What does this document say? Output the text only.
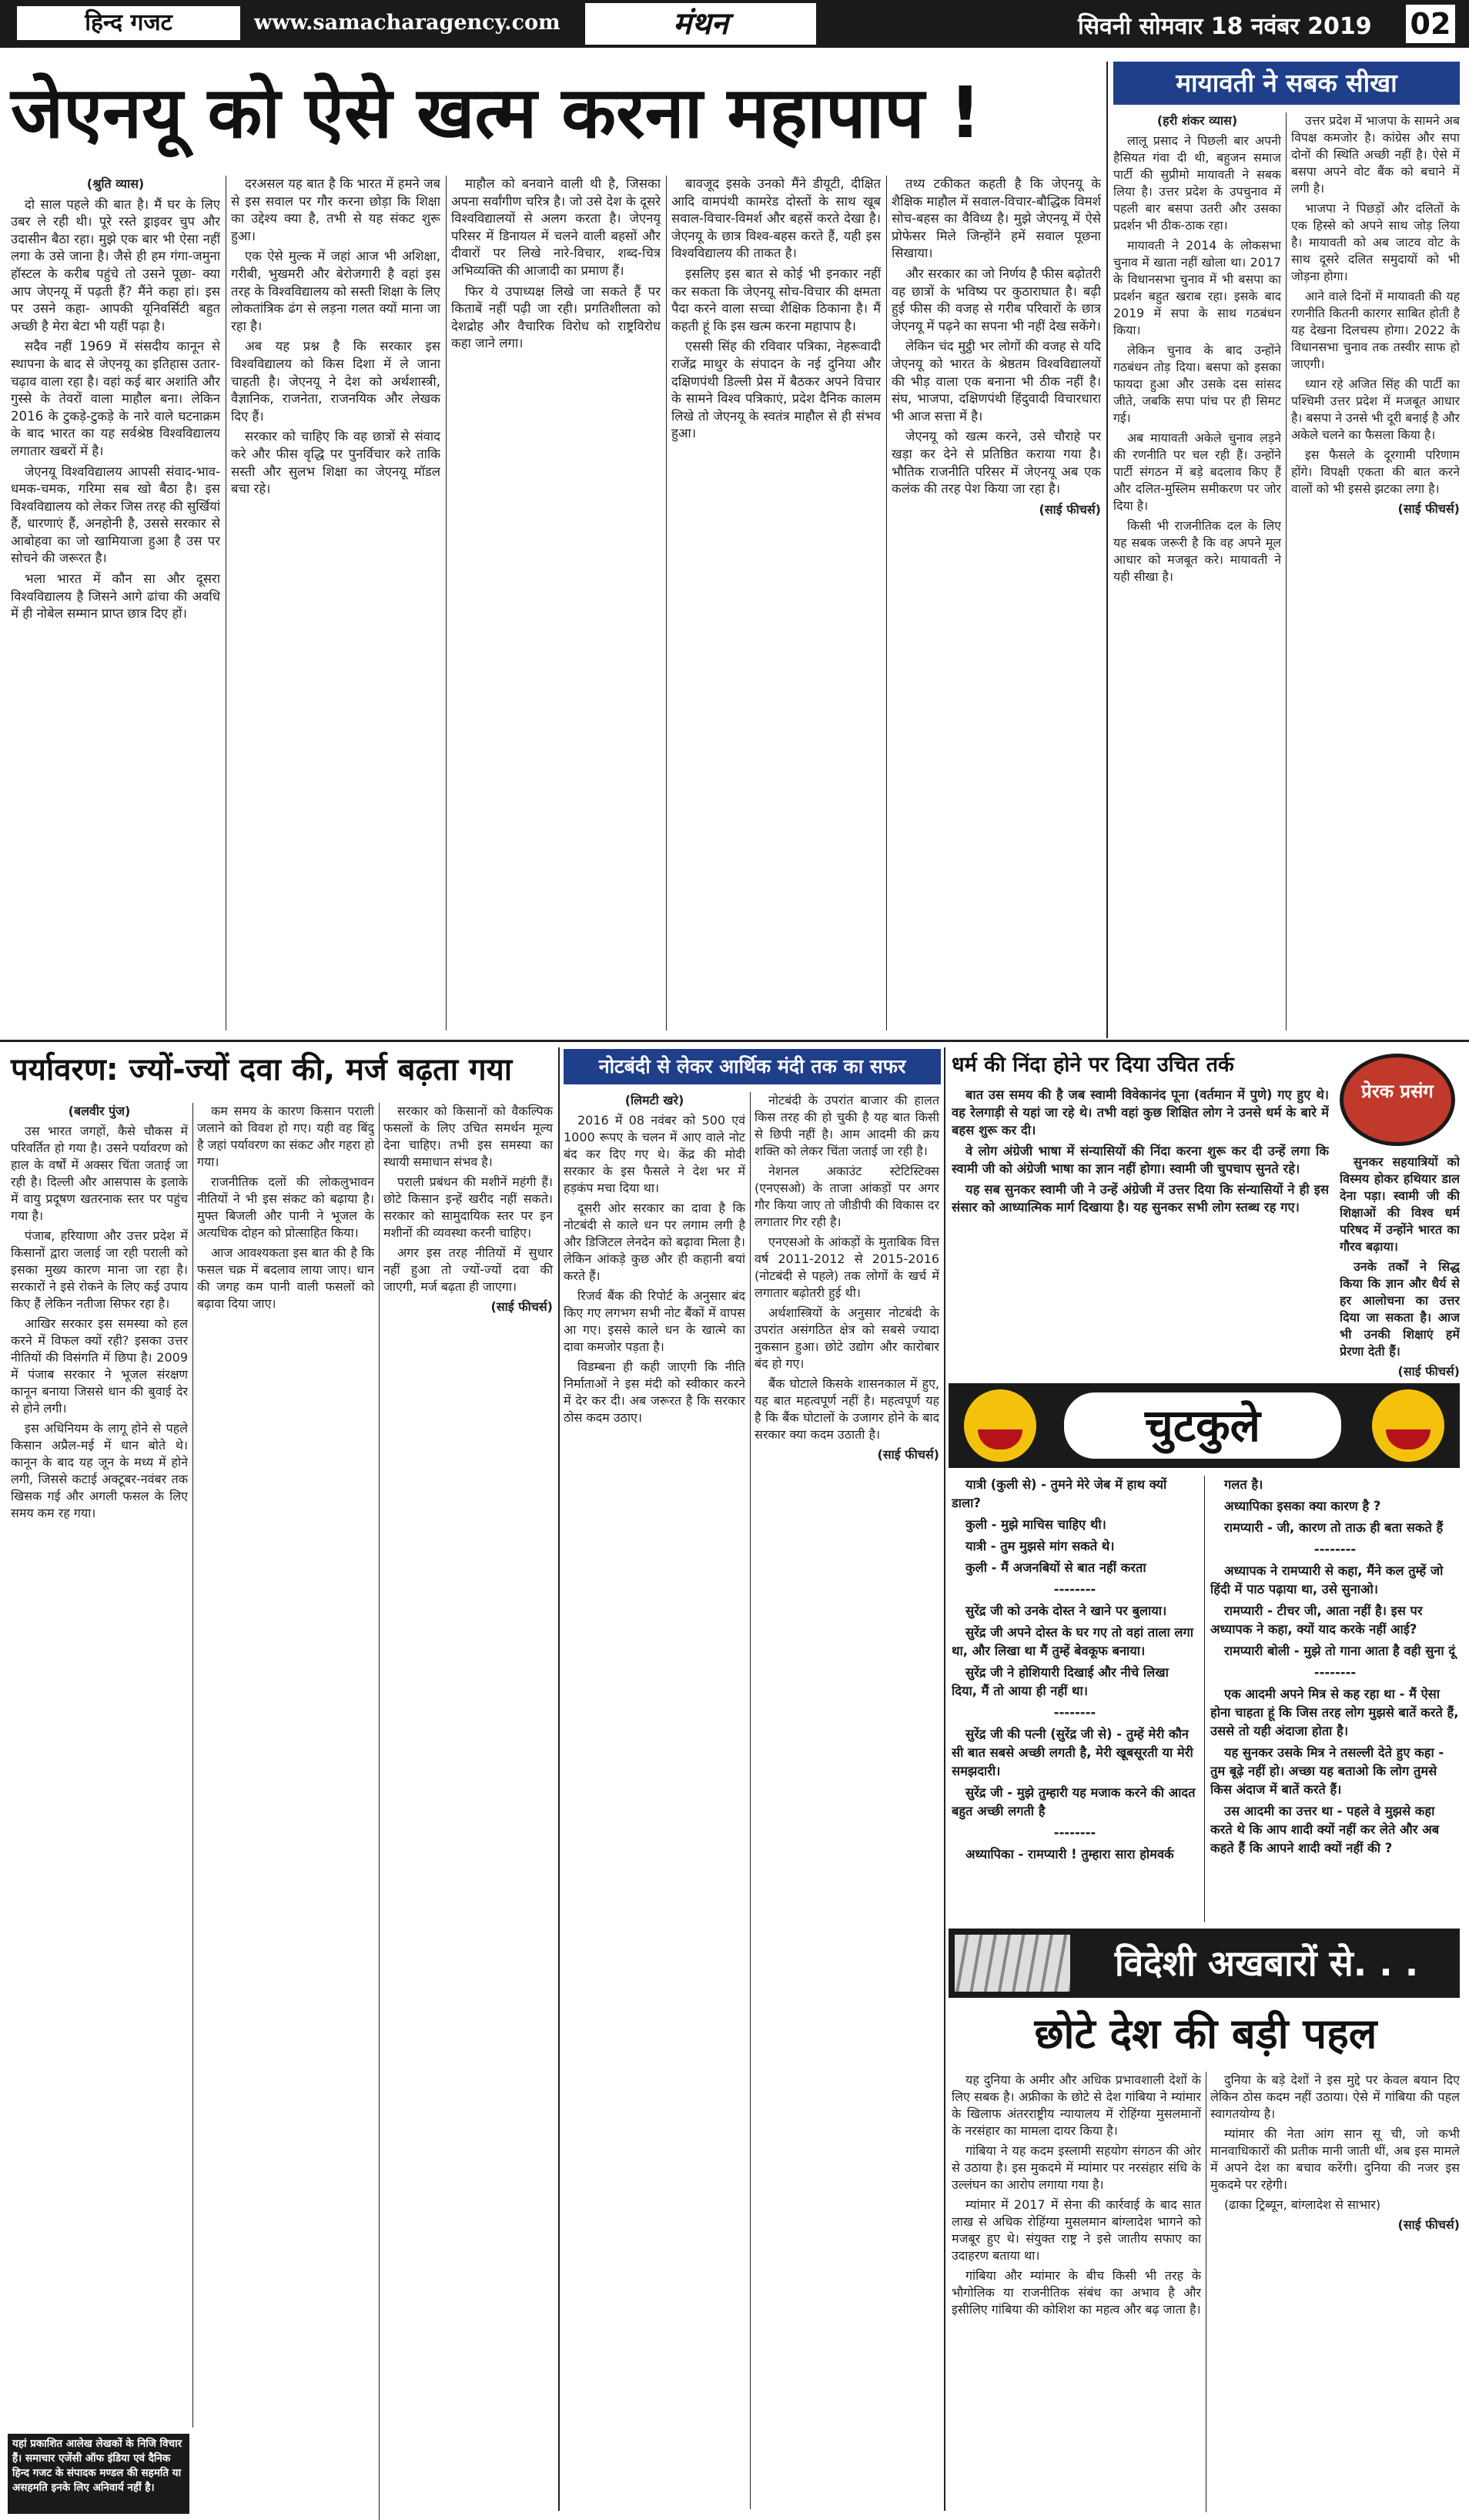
हिन्द गजट	www.samacharagency.com	मंथन	सिवनी सोमवार 18 नवंबर 2019 02
जेएनयू को ऐसे खत्म करना महापाप !

(श्रुति व्यास)

दो साल पहले की बात है। मैं घर के लिए उबर ले रही थी। पूरे रस्ते ड्राइवर चुप और उदासीन बैठा रहा। मुझे एक बार भी ऐसा नहीं लगा के उसे जाना है। जैसे ही हम गंगा-जमुना हॉस्टल के करीब पहुंचे तो उसने पूछा- क्या आप जेएनयू में पढ़ती हैं? मैंने कहा हां। इस पर उसने कहा- आपकी यूनिवर्सिटी बहुत अच्छी है मेरा बेटा भी यहीं पढ़ा है।

सदैव नहीं 1969 में संसदीय कानून से स्थापना के बाद से जेएनयू का इतिहास उतार-चढ़ाव वाला रहा है। वहां कई बार अशांति और गुस्से के तेवरों वाला माहौल बना। लेकिन 2016 के टुकड़े-टुकड़े के नारे वाले घटनाक्रम के बाद भारत का यह सर्वश्रेष्ठ विश्वविद्यालय लगातार खबरों में है।

जेएनयू विश्वविद्यालय आपसी संवाद-भाव-धमक-चमक, गरिमा सब खो बैठा है। इस विश्वविद्यालय को लेकर जिस तरह की सुर्खियां हैं, धारणाएं हैं, अनहोनी है, उससे सरकार से आबोहवा का जो खामियाजा हुआ है उस पर सोचने की जरूरत है।

भला भारत में कौन सा और दूसरा विश्वविद्यालय है जिसने आगे ढांचा की अवधि में ही नोबेल सम्मान प्राप्त छात्र दिए हों।

दरअसल यह बात है कि भारत में हमने जब से इस सवाल पर गौर करना छोड़ा कि शिक्षा का उद्देश्य क्या है, तभी से यह संकट शुरू हुआ।

एक ऐसे मुल्क में जहां आज भी अशिक्षा, गरीबी, भुखमरी और बेरोजगारी है वहां इस तरह के विश्वविद्यालय को सस्ती शिक्षा के लिए लोकतांत्रिक ढंग से लड़ना गलत क्यों माना जा रहा है।

अब यह प्रश्न है कि सरकार इस विश्वविद्यालय को किस दिशा में ले जाना चाहती है। जेएनयू ने देश को अर्थशास्त्री, वैज्ञानिक, राजनेता, राजनयिक और लेखक दिए हैं।

सरकार को चाहिए कि वह छात्रों से संवाद करे और फीस वृद्धि पर पुनर्विचार करे ताकि सस्ती और सुलभ शिक्षा का जेएनयू मॉडल बचा रहे।

माहौल को बनवाने वाली थी है, जिसका अपना सर्वांगीण चरित्र है। जो उसे देश के दूसरे विश्वविद्यालयों से अलग करता है। जेएनयू परिसर में डिनायल में चलने वाली बहसों और दीवारों पर लिखे नारे-विचार, शब्द-चित्र अभिव्यक्ति की आजादी का प्रमाण हैं।

फिर ये उपाध्यक्ष लिखे जा सकते हैं पर किताबें नहीं पढ़ी जा रही। प्रगतिशीलता को देशद्रोह और वैचारिक विरोध को राष्ट्रविरोध कहा जाने लगा।

बावजूद इसके उनको मैंने डीयूटी, दीक्षित आदि वामपंथी कामरेड दोस्तों के साथ खूब सवाल-विचार-विमर्श और बहसें करते देखा है। जेएनयू के छात्र विश्व-बहस करते हैं, यही इस विश्वविद्यालय की ताकत है।

इसलिए इस बात से कोई भी इनकार नहीं कर सकता कि जेएनयू सोच-विचार की क्षमता पैदा करने वाला सच्चा शैक्षिक ठिकाना है। मैं कहती हूं कि इस खत्म करना महापाप है।

एससी सिंह की रविवार पत्रिका, नेहरूवादी राजेंद्र माथुर के संपादन के नई दुनिया और दक्षिणपंथी डिल्ली प्रेस में बैठकर अपने विचार के सामने विश्व पत्रिकाएं, प्रदेश दैनिक कालम लिखे तो जेएनयू के स्वतंत्र माहौल से ही संभव हुआ।

तथ्य टकीकत कहती है कि जेएनयू के शैक्षिक माहौल में सवाल-विचार-बौद्धिक विमर्श सोच-बहस का वैविध्य है। मुझे जेएनयू में ऐसे प्रोफेसर मिले जिन्होंने हमें सवाल पूछना सिखाया।

और सरकार का जो निर्णय है फीस बढ़ोतरी वह छात्रों के भविष्य पर कुठाराघात है। बढ़ी हुई फीस की वजह से गरीब परिवारों के छात्र जेएनयू में पढ़ने का सपना भी नहीं देख सकेंगे।

लेकिन चंद मुट्ठी भर लोगों की वजह से यदि जेएनयू को भारत के श्रेष्ठतम विश्वविद्यालयों की भीड़ वाला एक बनाना भी ठीक नहीं है। संघ, भाजपा, दक्षिणपंथी हिंदुवादी विचारधारा भी आज सत्ता में है।

जेएनयू को खत्म करने, उसे चौराहे पर खड़ा कर देने से प्रतिष्ठित कराया गया है। भौतिक राजनीति परिसर में जेएनयू अब एक कलंक की तरह पेश किया जा रहा है।

(साई फीचर्स)

मायावती ने सबक सीखा

(हरी शंकर व्यास)

लालू प्रसाद ने पिछली बार अपनी हैसियत गंवा दी थी, बहुजन समाज पार्टी की सुप्रीमो मायावती ने सबक लिया है। उत्तर प्रदेश के उपचुनाव में पहली बार बसपा उतरी और उसका प्रदर्शन भी ठीक-ठाक रहा।

मायावती ने 2014 के लोकसभा चुनाव में खाता नहीं खोला था। 2017 के विधानसभा चुनाव में भी बसपा का प्रदर्शन बहुत खराब रहा। इसके बाद 2019 में सपा के साथ गठबंधन किया।

लेकिन चुनाव के बाद उन्होंने गठबंधन तोड़ दिया। बसपा को इसका फायदा हुआ और उसके दस सांसद जीते, जबकि सपा पांच पर ही सिमट गई।

अब मायावती अकेले चुनाव लड़ने की रणनीति पर चल रही हैं। उन्होंने पार्टी संगठन में बड़े बदलाव किए हैं और दलित-मुस्लिम समीकरण पर जोर दिया है।

किसी भी राजनीतिक दल के लिए यह सबक जरूरी है कि वह अपने मूल आधार को मजबूत करे। मायावती ने यही सीखा है।

उत्तर प्रदेश में भाजपा के सामने अब विपक्ष कमजोर है। कांग्रेस और सपा दोनों की स्थिति अच्छी नहीं है। ऐसे में बसपा अपने वोट बैंक को बचाने में लगी है।

भाजपा ने पिछड़ों और दलितों के एक हिस्से को अपने साथ जोड़ लिया है। मायावती को अब जाटव वोट के साथ दूसरे दलित समुदायों को भी जोड़ना होगा।

आने वाले दिनों में मायावती की यह रणनीति कितनी कारगर साबित होती है यह देखना दिलचस्प होगा। 2022 के विधानसभा चुनाव तक तस्वीर साफ हो जाएगी।

ध्यान रहे अजित सिंह की पार्टी का पश्चिमी उत्तर प्रदेश में मजबूत आधार है। बसपा ने उनसे भी दूरी बनाई है और अकेले चलने का फैसला किया है।

इस फैसले के दूरगामी परिणाम होंगे। विपक्षी एकता की बात करने वालों को भी इससे झटका लगा है।

(साई फीचर्स)

पर्यावरण: ज्यों-ज्यों दवा की, मर्ज बढ़ता गया

(बलवीर पुंज)

उस भारत जगहों, कैसे चौकस में परिवर्तित हो गया है। उसने पर्यावरण को हाल के वर्षों में अक्सर चिंता जताई जा रही है। दिल्ली और आसपास के इलाके में वायु प्रदूषण खतरनाक स्तर पर पहुंच गया है।

पंजाब, हरियाणा और उत्तर प्रदेश में किसानों द्वारा जलाई जा रही पराली को इसका मुख्य कारण माना जा रहा है। सरकारों ने इसे रोकने के लिए कई उपाय किए हैं लेकिन नतीजा सिफर रहा है।

आखिर सरकार इस समस्या को हल करने में विफल क्यों रही? इसका उत्तर नीतियों की विसंगति में छिपा है। 2009 में पंजाब सरकार ने भूजल संरक्षण कानून बनाया जिससे धान की बुवाई देर से होने लगी।

इस अधिनियम के लागू होने से पहले किसान अप्रैल-मई में धान बोते थे। कानून के बाद यह जून के मध्य में होने लगी, जिससे कटाई अक्टूबर-नवंबर तक खिसक गई और अगली फसल के लिए समय कम रह गया।

कम समय के कारण किसान पराली जलाने को विवश हो गए। यही वह बिंदु है जहां पर्यावरण का संकट और गहरा हो गया।

राजनीतिक दलों की लोकलुभावन नीतियों ने भी इस संकट को बढ़ाया है। मुफ्त बिजली और पानी ने भूजल के अत्यधिक दोहन को प्रोत्साहित किया।

आज आवश्यकता इस बात की है कि फसल चक्र में बदलाव लाया जाए। धान की जगह कम पानी वाली फसलों को बढ़ावा दिया जाए।

सरकार को किसानों को वैकल्पिक फसलों के लिए उचित समर्थन मूल्य देना चाहिए। तभी इस समस्या का स्थायी समाधान संभव है।

पराली प्रबंधन की मशीनें महंगी हैं। छोटे किसान इन्हें खरीद नहीं सकते। सरकार को सामुदायिक स्तर पर इन मशीनों की व्यवस्था करनी चाहिए।

अगर इस तरह नीतियों में सुधार नहीं हुआ तो ज्यों-ज्यों दवा की जाएगी, मर्ज बढ़ता ही जाएगा।

(साई फीचर्स)

यहां प्रकाशित आलेख लेखकों के निजि विचार हैं। समाचार एजेंसी ऑफ इंडिया एवं दैनिक हिन्द गजट के संपादक मण्डल की सहमति या असहमति इनके लिए अनिवार्य नहीं है।
नोटबंदी से लेकर आर्थिक मंदी तक का सफर

(लिमटी खरे)

2016 में 08 नवंबर को 500 एवं 1000 रूपए के चलन में आए वाले नोट बंद कर दिए गए थे। केंद्र की मोदी सरकार के इस फैसले ने देश भर में हड़कंप मचा दिया था।

दूसरी ओर सरकार का दावा है कि नोटबंदी से काले धन पर लगाम लगी है और डिजिटल लेनदेन को बढ़ावा मिला है। लेकिन आंकड़े कुछ और ही कहानी बयां करते हैं।

रिजर्व बैंक की रिपोर्ट के अनुसार बंद किए गए लगभग सभी नोट बैंकों में वापस आ गए। इससे काले धन के खात्मे का दावा कमजोर पड़ता है।

विडम्बना ही कही जाएगी कि नीति निर्माताओं ने इस मंदी को स्वीकार करने में देर कर दी। अब जरूरत है कि सरकार ठोस कदम उठाए।

नोटबंदी के उपरांत बाजार की हालत किस तरह की हो चुकी है यह बात किसी से छिपी नहीं है। आम आदमी की क्रय शक्ति को लेकर चिंता जताई जा रही है।

नेशनल अकाउंट स्टेटिस्टिक्स (एनएसओ) के ताजा आंकड़ों पर अगर गौर किया जाए तो जीडीपी की विकास दर लगातार गिर रही है।

एनएसओ के आंकड़ों के मुताबिक वित्त वर्ष 2011-2012 से 2015-2016 (नोटबंदी से पहले) तक लोगों के खर्च में लगातार बढ़ोतरी हुई थी।

अर्थशास्त्रियों के अनुसार नोटबंदी के उपरांत असंगठित क्षेत्र को सबसे ज्यादा नुकसान हुआ। छोटे उद्योग और कारोबार बंद हो गए।

बैंक घोटाले किसके शासनकाल में हुए, यह बात महत्वपूर्ण नहीं है। महत्वपूर्ण यह है कि बैंक घोटालों के उजागर होने के बाद सरकार क्या कदम उठाती है।

(साई फीचर्स)

धर्म की निंदा होने पर दिया उचित तर्क
प्रेरक प्रसंग

बात उस समय की है जब स्वामी विवेकानंद पूना (वर्तमान में पुणे) गए हुए थे। वह रेलगाड़ी से यहां जा रहे थे। तभी वहां कुछ शिक्षित लोग ने उनसे धर्म के बारे में बहस शुरू कर दी।

वे लोग अंग्रेजी भाषा में संन्यासियों की निंदा करना शुरू कर दी उन्हें लगा कि स्वामी जी को अंग्रेजी भाषा का ज्ञान नहीं होगा। स्वामी जी चुपचाप सुनते रहे।

यह सब सुनकर स्वामी जी ने उन्हें अंग्रेजी में उत्तर दिया कि संन्यासियों ने ही इस संसार को आध्यात्मिक मार्ग दिखाया है। यह सुनकर सभी लोग स्तब्ध रह गए।

सुनकर सहयात्रियों को विस्मय होकर हथियार डाल देना पड़ा। स्वामी जी की शिक्षाओं की विश्व धर्म परिषद में उन्होंने भारत का गौरव बढ़ाया।

उनके तर्कों ने सिद्ध किया कि ज्ञान और धैर्य से हर आलोचना का उत्तर दिया जा सकता है। आज भी उनकी शिक्षाएं हमें प्रेरणा देती हैं।

(साई फीचर्स)

चुटकुले

यात्री (कुली से) - तुमने मेरे जेब में हाथ क्यों डाला?

कुली - मुझे माचिस चाहिए थी।

यात्री - तुम मुझसे मांग सकते थे।

कुली - मैं अजनबियों से बात नहीं करता

--------

सुरेंद्र जी को उनके दोस्त ने खाने पर बुलाया।

सुरेंद्र जी अपने दोस्त के घर गए तो वहां ताला लगा था, और लिखा था मैं तुम्हें बेवकूफ बनाया।

सुरेंद्र जी ने होशियारी दिखाई और नीचे लिखा दिया, मैं तो आया ही नहीं था।

--------

सुरेंद्र जी की पत्नी (सुरेंद्र जी से) - तुम्हें मेरी कौन सी बात सबसे अच्छी लगती है, मेरी खूबसूरती या मेरी समझदारी।

सुरेंद्र जी - मुझे तुम्हारी यह मजाक करने की आदत बहुत अच्छी लगती है

--------

अध्यापिका - रामप्यारी ! तुम्हारा सारा होमवर्क

गलत है।

अध्यापिका इसका क्या कारण है ?

रामप्यारी - जी, कारण तो ताऊ ही बता सकते हैं

--------

अध्यापक ने रामप्यारी से कहा, मैंने कल तुम्हें जो हिंदी में पाठ पढ़ाया था, उसे सुनाओ।

रामप्यारी - टीचर जी, आता नहीं है। इस पर अध्यापक ने कहा, क्यों याद करके नहीं आई?

रामप्यारी बोली - मुझे तो गाना आता है वही सुना दूं

--------

एक आदमी अपने मित्र से कह रहा था - मैं ऐसा होना चाहता हूं कि जिस तरह लोग मुझसे बातें करते हैं, उससे तो यही अंदाजा होता है।

यह सुनकर उसके मित्र ने तसल्ली देते हुए कहा - तुम बूढ़े नहीं हो। अच्छा यह बताओ कि लोग तुमसे किस अंदाज में बातें करते हैं।

उस आदमी का उत्तर था - पहले वे मुझसे कहा करते थे कि आप शादी क्यों नहीं कर लेते और अब कहते हैं कि आपने शादी क्यों नहीं की ?

विदेशी अखबारों से. . .
छोटे देश की बड़ी पहल

यह दुनिया के अमीर और अधिक प्रभावशाली देशों के लिए सबक है। अफ्रीका के छोटे से देश गांबिया ने म्यांमार के खिलाफ अंतरराष्ट्रीय न्यायालय में रोहिंग्या मुसलमानों के नरसंहार का मामला दायर किया है।

गांबिया ने यह कदम इस्लामी सहयोग संगठन की ओर से उठाया है। इस मुकदमे में म्यांमार पर नरसंहार संधि के उल्लंघन का आरोप लगाया गया है।

म्यांमार में 2017 में सेना की कार्रवाई के बाद सात लाख से अधिक रोहिंग्या मुसलमान बांग्लादेश भागने को मजबूर हुए थे। संयुक्त राष्ट्र ने इसे जातीय सफाए का उदाहरण बताया था।

गांबिया और म्यांमार के बीच किसी भी तरह के भौगोलिक या राजनीतिक संबंध का अभाव है और इसीलिए गांबिया की कोशिश का महत्व और बढ़ जाता है।

दुनिया के बड़े देशों ने इस मुद्दे पर केवल बयान दिए लेकिन ठोस कदम नहीं उठाया। ऐसे में गांबिया की पहल स्वागतयोग्य है।

म्यांमार की नेता आंग सान सू ची, जो कभी मानवाधिकारों की प्रतीक मानी जाती थीं, अब इस मामले में अपने देश का बचाव करेंगी। दुनिया की नजर इस मुकदमे पर रहेगी।

(ढाका ट्रिब्यून, बांग्लादेश से साभार)

(साई फीचर्स)
